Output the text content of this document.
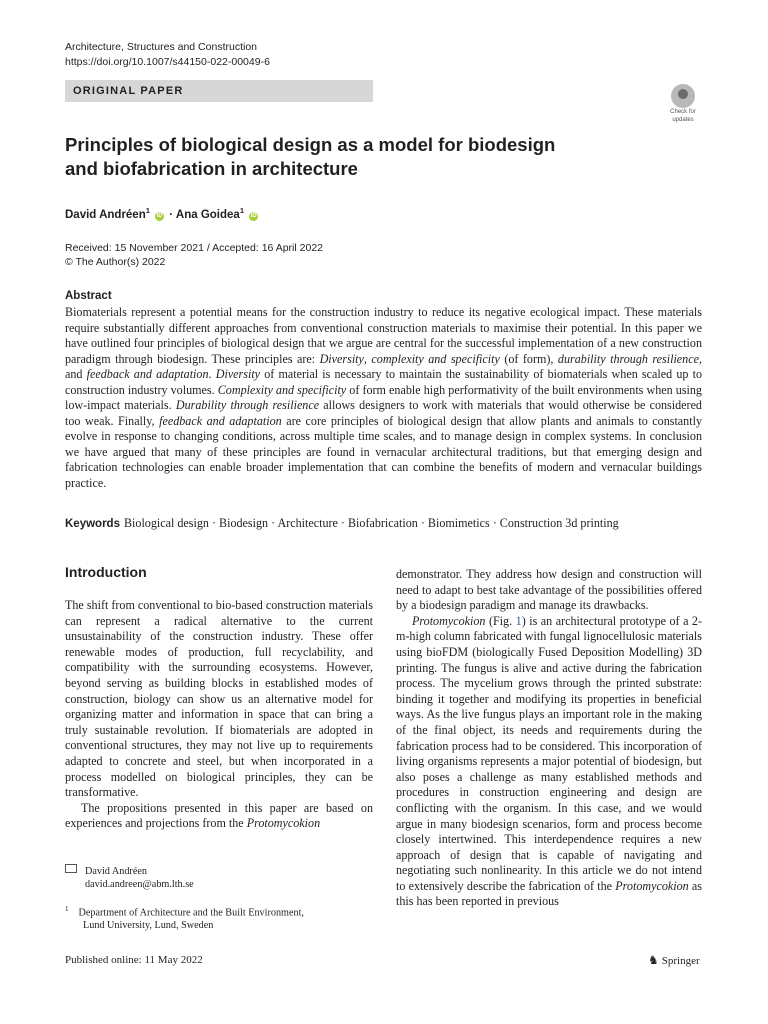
Architecture, Structures and Construction
https://doi.org/10.1007/s44150-022-00049-6
ORIGINAL PAPER
Check for
updates
Principles of biological design as a model for biodesign
and biofabrication in architecture
David Andréen$^1$ iD · Ana Goidea$^1$ iD
Received: 15 November 2021 / Accepted: 16 April 2022
© The Author(s) 2022
Abstract
Biomaterials represent a potential means for the construction industry to reduce its negative ecological impact. These materials require substantially different approaches from conventional construction materials to maximise their potential. In this paper we have outlined four principles of biological design that we argue are central for the successful implementation of a new construction paradigm through biodesign. These principles are: Diversity, complexity and specificity (of form), durability through resilience, and feedback and adaptation. Diversity of material is necessary to maintain the sustainability of biomaterials when scaled up to construction industry volumes. Complexity and specificity of form enable high performativity of the built environments when using low-impact materials. Durability through resilience allows designers to work with materials that would otherwise be considered too weak. Finally, feedback and adaptation are core principles of biological design that allow plants and animals to constantly evolve in response to changing conditions, across multiple time scales, and to manage design in complex systems. In conclusion we have argued that many of these principles are found in vernacular architectural traditions, but that emerging design and fabrication technologies can enable broader implementation that can combine the benefits of modern and vernacular buildings practice.
Keywords Biological design · Biodesign · Architecture · Biofabrication · Biomimetics · Construction 3d printing
Introduction

The shift from conventional to bio-based construction materials can represent a radical alternative to the current unsustainability of the construction industry. These offer renewable modes of production, full recyclability, and compatibility with the surrounding ecosystems. However, beyond serving as building blocks in established modes of construction, biology can show us an alternative model for organizing matter and information in space that can bring a truly sustainable revolution. If biomaterials are adopted in conventional structures, they may not live up to requirements adapted to concrete and steel, but when incorporated in a process modelled on biological principles, they can be transformative.

The propositions presented in this paper are based on experiences and projections from the Protomycokion

demonstrator. They address how design and construction will need to adapt to best take advantage of the possibilities offered by a biodesign paradigm and manage its drawbacks.

Protomycokion (Fig. 1) is an architectural prototype of a 2-m-high column fabricated with fungal lignocellulosic materials using bioFDM (biologically Fused Deposition Modelling) 3D printing. The fungus is alive and active during the fabrication process. The mycelium grows through the printed substrate: binding it together and modifying its properties in beneficial ways. As the live fungus plays an important role in the making of the final object, its needs and requirements during the fabrication process had to be considered. This incorporation of living organisms represents a major potential of biodesign, but also poses a challenge as many established methods and procedures in construction engineering and design are conflicting with the organism. In this case, and we would argue in many biodesign scenarios, form and process become closely intertwined. This interdependence requires a new approach of design that is capable of navigating and negotiating such nonlinearity. In this article we do not intend to extensively describe the fabrication of the Protomycokion as this has been reported in previous

David Andréen
david.andreen@abm.lth.se
$^1$ Department of Architecture and the Built Environment,
Lund University, Lund, Sweden
Published online: 11 May 2022	♞ Springer
